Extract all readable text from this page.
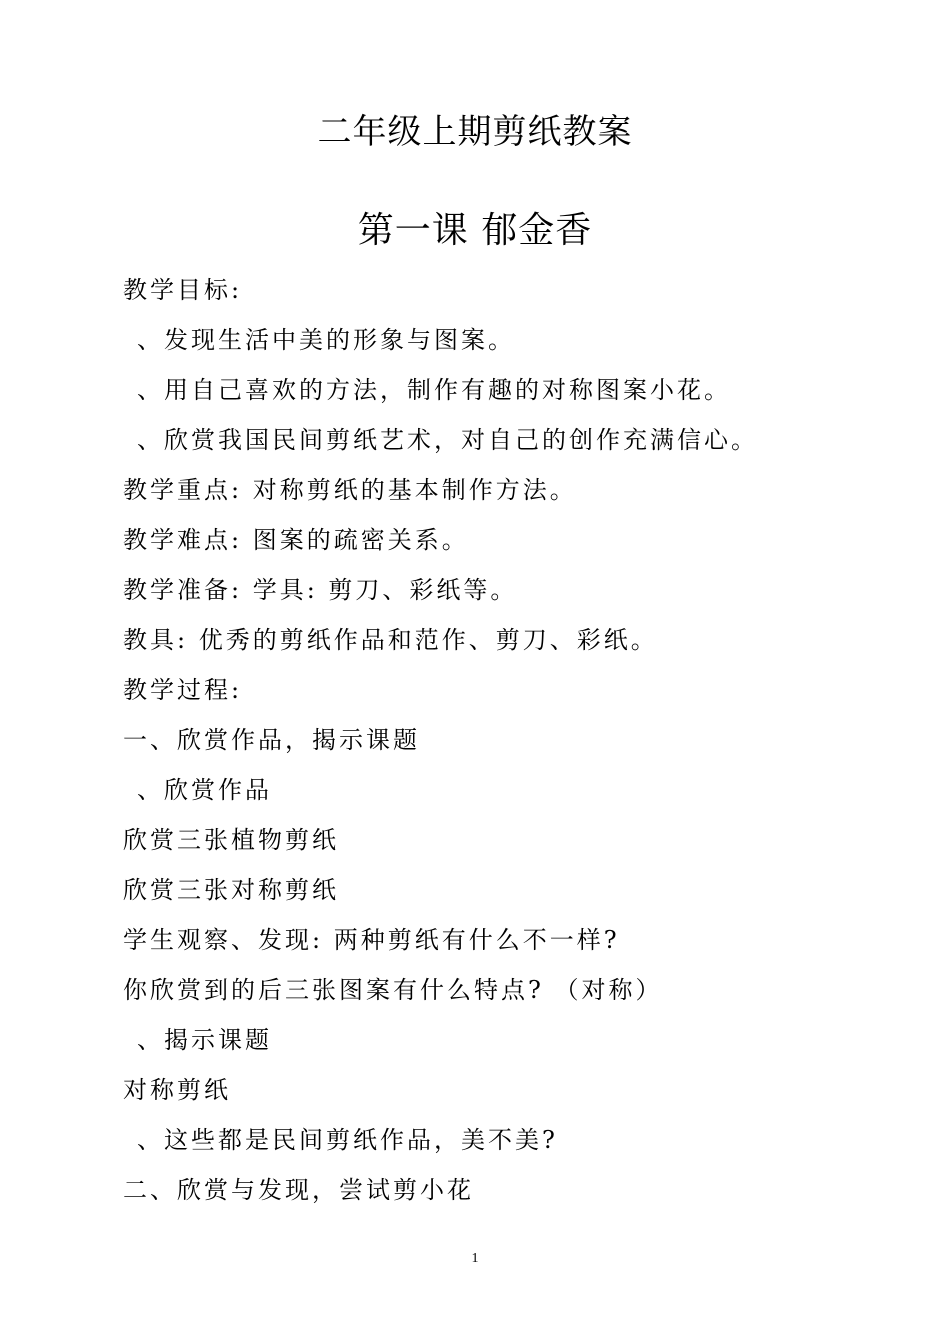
二年级上期剪纸教案
第一课 郁金香
教学目标:
、发现生活中美的形象与图案。
、用自己喜欢的方法，制作有趣的对称图案小花。
、欣赏我国民间剪纸艺术，对自己的创作充满信心。
教学重点: 对称剪纸的基本制作方法。
教学难点: 图案的疏密关系。
教学准备: 学具: 剪刀、彩纸等。
教具: 优秀的剪纸作品和范作、剪刀、彩纸。
教学过程:
一、欣赏作品，揭示课题
、欣赏作品
欣赏三张植物剪纸
欣赏三张对称剪纸
学生观察、发现: 两种剪纸有什么不一样?
你欣赏到的后三张图案有什么特点? （对称）
、揭示课题
对称剪纸
、这些都是民间剪纸作品，美不美?
二、欣赏与发现，尝试剪小花
1
